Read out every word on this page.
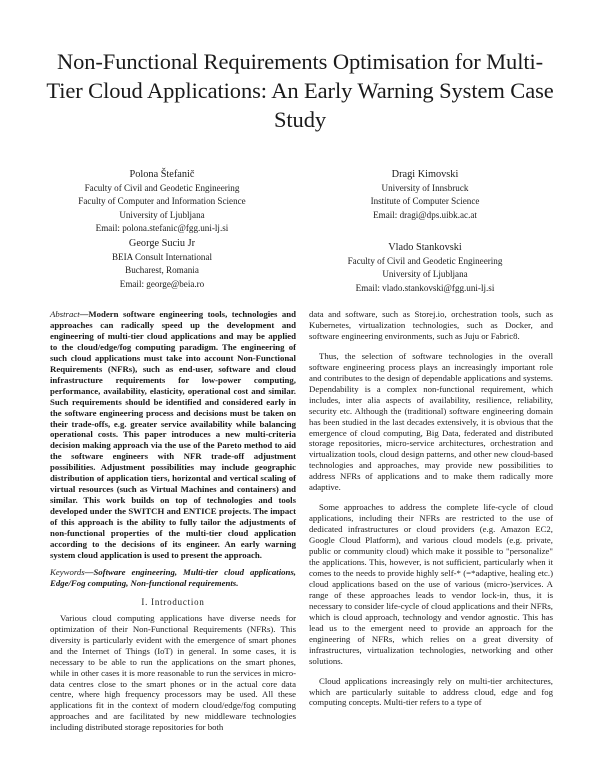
Non-Functional Requirements Optimisation for Multi-Tier Cloud Applications: An Early Warning System Case Study
Polona Štefanič
Faculty of Civil and Geodetic Engineering
Faculty of Computer and Information Science
University of Ljubljana
Email: polona.stefanic@fgg.uni-lj.si
Dragi Kimovski
University of Innsbruck
Institute of Computer Science
Email: dragi@dps.uibk.ac.at
George Suciu Jr
BEIA Consult International
Bucharest, Romania
Email: george@beia.ro
Vlado Stankovski
Faculty of Civil and Geodetic Engineering
University of Ljubljana
Email: vlado.stankovski@fgg.uni-lj.si

Abstract—Modern software engineering tools, technologies and approaches can radically speed up the development and engineering of multi-tier cloud applications and may be applied to the cloud/edge/fog computing paradigm. The engineering of such cloud applications must take into account Non-Functional Requirements (NFRs), such as end-user, software and cloud infrastructure requirements for low-power computing, performance, availability, elasticity, operational cost and similar. Such requirements should be identified and considered early in the software engineering process and decisions must be taken on their trade-offs, e.g. greater service availability while balancing operational costs. This paper introduces a new multi-criteria decision making approach via the use of the Pareto method to aid the software engineers with NFR trade-off adjustment possibilities. Adjustment possibilities may include geographic distribution of application tiers, horizontal and vertical scaling of virtual resources (such as Virtual Machines and containers) and similar. This work builds on top of technologies and tools developed under the SWITCH and ENTICE projects. The impact of this approach is the ability to fully tailor the adjustments of non-functional properties of the multi-tier cloud application according to the decisions of its engineer. An early warning system cloud application is used to present the approach.

Keywords—Software engineering, Multi-tier cloud applications, Edge/Fog computing, Non-functional requirements.

I. Introduction

Various cloud computing applications have diverse needs for optimization of their Non-Functional Requirements (NFRs). This diversity is particularly evident with the emergence of smart phones and the Internet of Things (IoT) in general. In some cases, it is necessary to be able to run the applications on the smart phones, while in other cases it is more reasonable to run the services in micro-data centres close to the smart phones or in the actual core data centre, where high frequency processors may be used. All these applications fit in the context of modern cloud/edge/fog computing approaches and are facilitated by new middleware technologies including distributed storage repositories for both

data and software, such as Storej.io, orchestration tools, such as Kubernetes, virtualization technologies, such as Docker, and software engineering environments, such as Juju or Fabric8.

Thus, the selection of software technologies in the overall software engineering process plays an increasingly important role and contributes to the design of dependable applications and systems. Dependability is a complex non-functional requirement, which includes, inter alia aspects of availability, resilience, reliability, security etc. Although the (traditional) software engineering domain has been studied in the last decades extensively, it is obvious that the emergence of cloud computing, Big Data, federated and distributed storage repositories, micro-service architectures, orchestration and virtualization tools, cloud design patterns, and other new cloud-based technologies and approaches, may provide new possibilities to address NFRs of applications and to make them radically more adaptive.

Some approaches to address the complete life-cycle of cloud applications, including their NFRs are restricted to the use of dedicated infrastructures or cloud providers (e.g. Amazon EC2, Google Cloud Platform), and various cloud models (e.g. private, public or community cloud) which make it possible to "personalize" the applications. This, however, is not sufficient, particularly when it comes to the needs to provide highly self-* (=*adaptive, healing etc.) cloud applications based on the use of various (micro-)services. A range of these approaches leads to vendor lock-in, thus, it is necessary to consider life-cycle of cloud applications and their NFRs, which is cloud approach, technology and vendor agnostic. This has lead us to the emergent need to provide an approach for the engineering of NFRs, which relies on a great diversity of infrastructures, virtualization technologies, networking and other solutions.

Cloud applications increasingly rely on multi-tier architectures, which are particularly suitable to address cloud, edge and fog computing concepts. Multi-tier refers to a type of
